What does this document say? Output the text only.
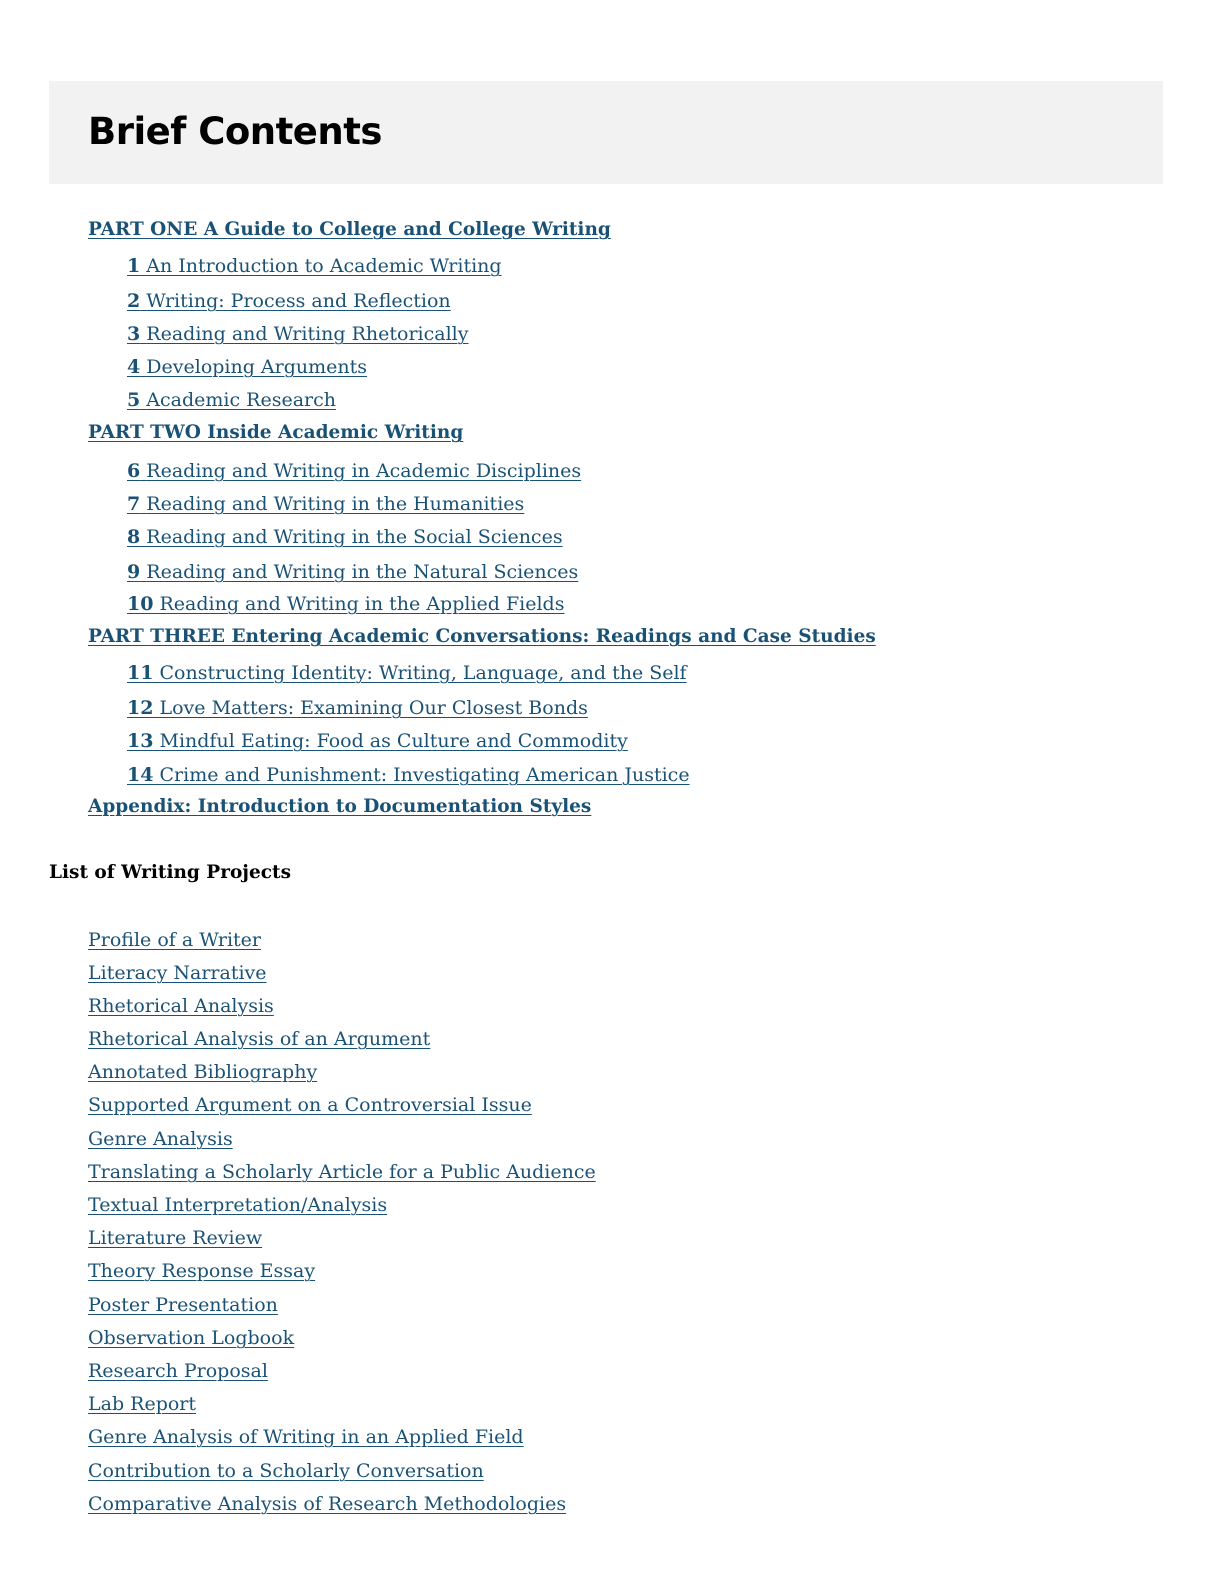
Brief Contents
PART ONE A Guide to College and College Writing
1 An Introduction to Academic Writing
2 Writing: Process and Reflection
3 Reading and Writing Rhetorically
4 Developing Arguments
5 Academic Research
PART TWO Inside Academic Writing
6 Reading and Writing in Academic Disciplines
7 Reading and Writing in the Humanities
8 Reading and Writing in the Social Sciences
9 Reading and Writing in the Natural Sciences
10 Reading and Writing in the Applied Fields
PART THREE Entering Academic Conversations: Readings and Case Studies
11 Constructing Identity: Writing, Language, and the Self
12 Love Matters: Examining Our Closest Bonds
13 Mindful Eating: Food as Culture and Commodity
14 Crime and Punishment: Investigating American Justice
Appendix: Introduction to Documentation Styles
List of Writing Projects
Profile of a Writer
Literacy Narrative
Rhetorical Analysis
Rhetorical Analysis of an Argument
Annotated Bibliography
Supported Argument on a Controversial Issue
Genre Analysis
Translating a Scholarly Article for a Public Audience
Textual Interpretation/Analysis
Literature Review
Theory Response Essay
Poster Presentation
Observation Logbook
Research Proposal
Lab Report
Genre Analysis of Writing in an Applied Field
Contribution to a Scholarly Conversation
Comparative Analysis of Research Methodologies
